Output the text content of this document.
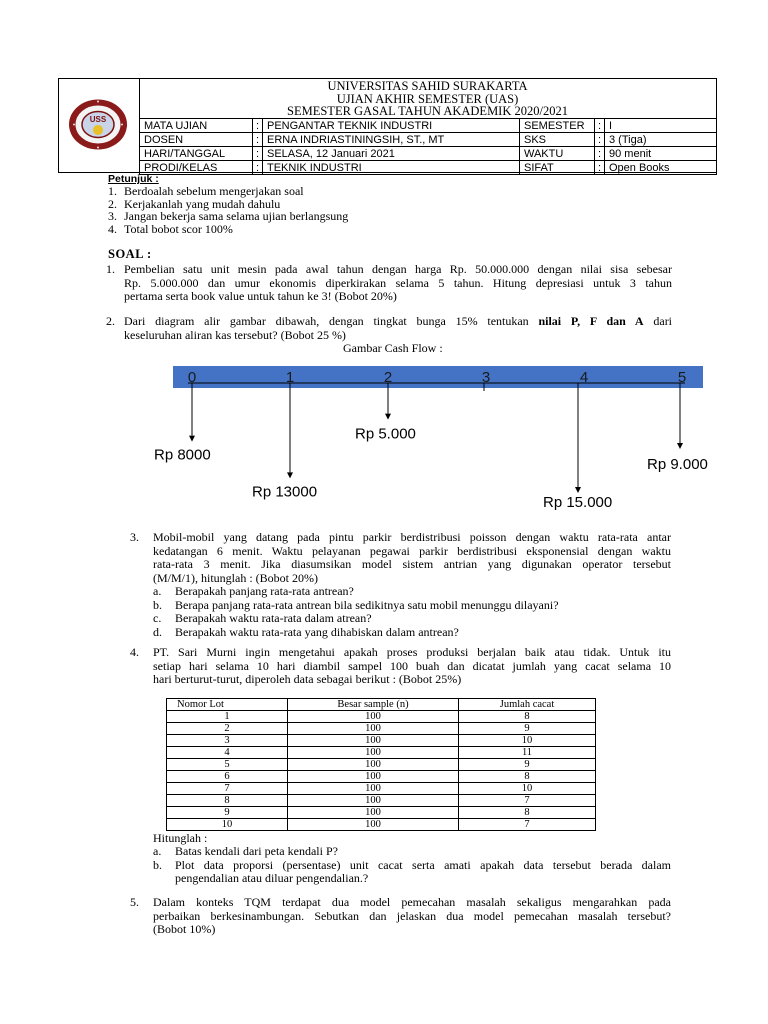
USS
UNIVERSITAS SAHID SURAKARTA
UJIAN AKHIR SEMESTER (UAS)
SEMESTER GASAL TAHUN AKADEMIK 2020/2021
MATA UJIAN	:	PENGANTAR TEKNIK INDUSTRI	SEMESTER	:	I
DOSEN	:	ERNA INDRIASTININGSIH, ST., MT	SKS	:	3 (Tiga)
HARI/TANGGAL	:	SELASA, 12 Januari 2021	WAKTU	:	90 menit
PRODI/KELAS	:	TEKNIK INDUSTRI	SIFAT	:	Open Books
Petunjuk :
1. Berdoalah sebelum mengerjakan soal
2. Kerjakanlah yang mudah dahulu
3. Jangan bekerja sama selama ujian berlangsung
4. Total bobot scor 100%
SOAL :
1. Pembelian satu unit mesin pada awal tahun dengan harga Rp. 50.000.000 dengan nilai sisa sebesar
Rp. 5.000.000 dan umur ekonomis diperkirakan selama 5 tahun. Hitung depresiasi untuk 3 tahun
pertama serta book value untuk tahun ke 3! (Bobot 20%)
2. Dari diagram alir gambar dibawah, dengan tingkat bunga 15% tentukan nilai P, F dan A dari
keseluruhan aliran kas tersebut? (Bobot 25 %)
Gambar Cash Flow :
0	1	2	3	4	5
Rp 8000
Rp 13000
Rp 5.000
Rp 15.000
Rp 9.000
3. Mobil-mobil yang datang pada pintu parkir berdistribusi poisson dengan waktu rata-rata antar
kedatangan 6 menit. Waktu pelayanan pegawai parkir berdistribusi eksponensial dengan waktu
rata-rata 3 menit. Jika diasumsikan model sistem antrian yang digunakan operator tersebut
(M/M/1), hitunglah : (Bobot 20%)
a. Berapakah panjang rata-rata antrean?
b. Berapa panjang rata-rata antrean bila sedikitnya satu mobil menunggu dilayani?
c. Berapakah waktu rata-rata dalam atrean?
d. Berapakah waktu rata-rata yang dihabiskan dalam antrean?
4. PT. Sari Murni ingin mengetahui apakah proses produksi berjalan baik atau tidak. Untuk itu
setiap hari selama 10 hari diambil sampel 100 buah dan dicatat jumlah yang cacat selama 10
hari berturut-turut, diperoleh data sebagai berikut : (Bobot 25%)
Nomor Lot	Besar sample (n)	Jumlah cacat
1	100	8
2	100	9
3	100	10
4	100	11
5	100	9
6	100	8
7	100	10
8	100	7
9	100	8
10	100	7
Hitunglah :
a. Batas kendali dari peta kendali P?
b. Plot data proporsi (persentase) unit cacat serta amati apakah data tersebut berada dalam
pengendalian atau diluar pengendalian.?
5. Dalam konteks TQM terdapat dua model pemecahan masalah sekaligus mengarahkan pada
perbaikan berkesinambungan. Sebutkan dan jelaskan dua model pemecahan masalah tersebut?
(Bobot 10%)
